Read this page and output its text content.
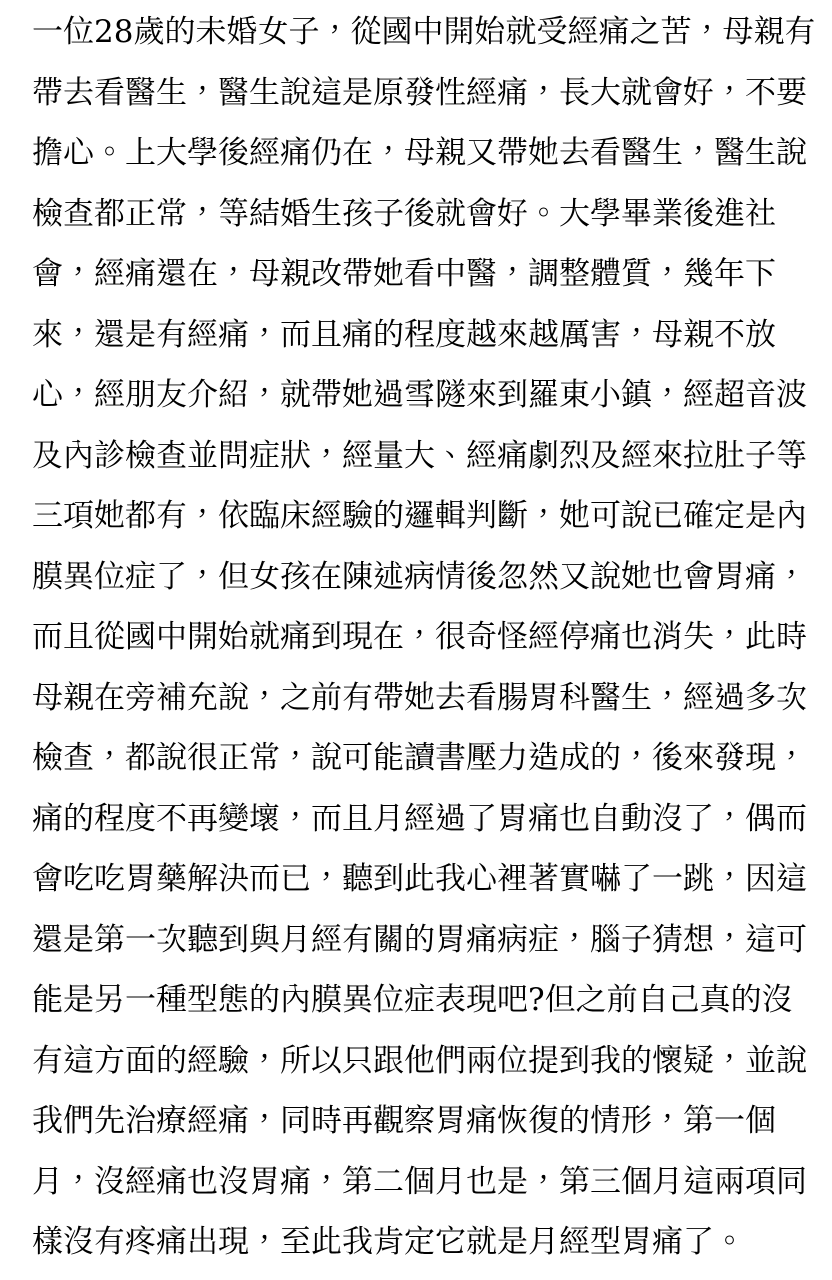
一位28歲的未婚女子，從國中開始就受經痛之苦，母親有
帶去看醫生，醫生說這是原發性經痛，長大就會好，不要
擔心。上大學後經痛仍在，母親又帶她去看醫生，醫生說
檢查都正常，等結婚生孩子後就會好。大學畢業後進社
會，經痛還在，母親改帶她看中醫，調整體質，幾年下
來，還是有經痛，而且痛的程度越來越厲害，母親不放
心，經朋友介紹，就帶她過雪隧來到羅東小鎮，經超音波
及內診檢查並問症狀，經量大、經痛劇烈及經來拉肚子等
三項她都有，依臨床經驗的邏輯判斷，她可說已確定是內
膜異位症了，但女孩在陳述病情後忽然又說她也會胃痛，
而且從國中開始就痛到現在，很奇怪經停痛也消失，此時
母親在旁補充說，之前有帶她去看腸胃科醫生，經過多次
檢查，都說很正常，說可能讀書壓力造成的，後來發現，
痛的程度不再變壞，而且月經過了胃痛也自動沒了，偶而
會吃吃胃藥解決而已，聽到此我心裡著實嚇了一跳，因這
還是第一次聽到與月經有關的胃痛病症，腦子猜想，這可
能是另一種型態的內膜異位症表現吧?但之前自己真的沒
有這方面的經驗，所以只跟他們兩位提到我的懷疑，並說
我們先治療經痛，同時再觀察胃痛恢復的情形，第一個
月，沒經痛也沒胃痛，第二個月也是，第三個月這兩項同
樣沒有疼痛出現，至此我肯定它就是月經型胃痛了。
